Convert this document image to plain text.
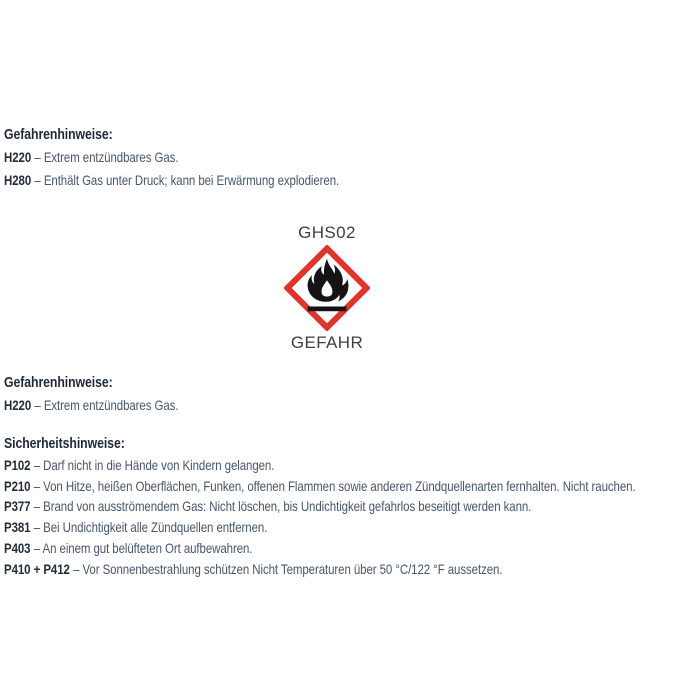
Gefahrenhinweise:
H220 – Extrem entzündbares Gas.
H280 – Enthält Gas unter Druck; kann bei Erwärmung explodieren.
GHS02
GEFAHR
Gefahrenhinweise:
H220 – Extrem entzündbares Gas.
Sicherheitshinweise:
P102 – Darf nicht in die Hände von Kindern gelangen.
P210 – Von Hitze, heißen Oberflächen, Funken, offenen Flammen sowie anderen Zündquellenarten fernhalten. Nicht rauchen.
P377 – Brand von ausströmendem Gas: Nicht löschen, bis Undichtigkeit gefahrlos beseitigt werden kann.
P381 – Bei Undichtigkeit alle Zündquellen entfernen.
P403 – An einem gut belüfteten Ort aufbewahren.
P410 + P412 – Vor Sonnenbestrahlung schützen Nicht Temperaturen über 50 °C/122 °F aussetzen.
